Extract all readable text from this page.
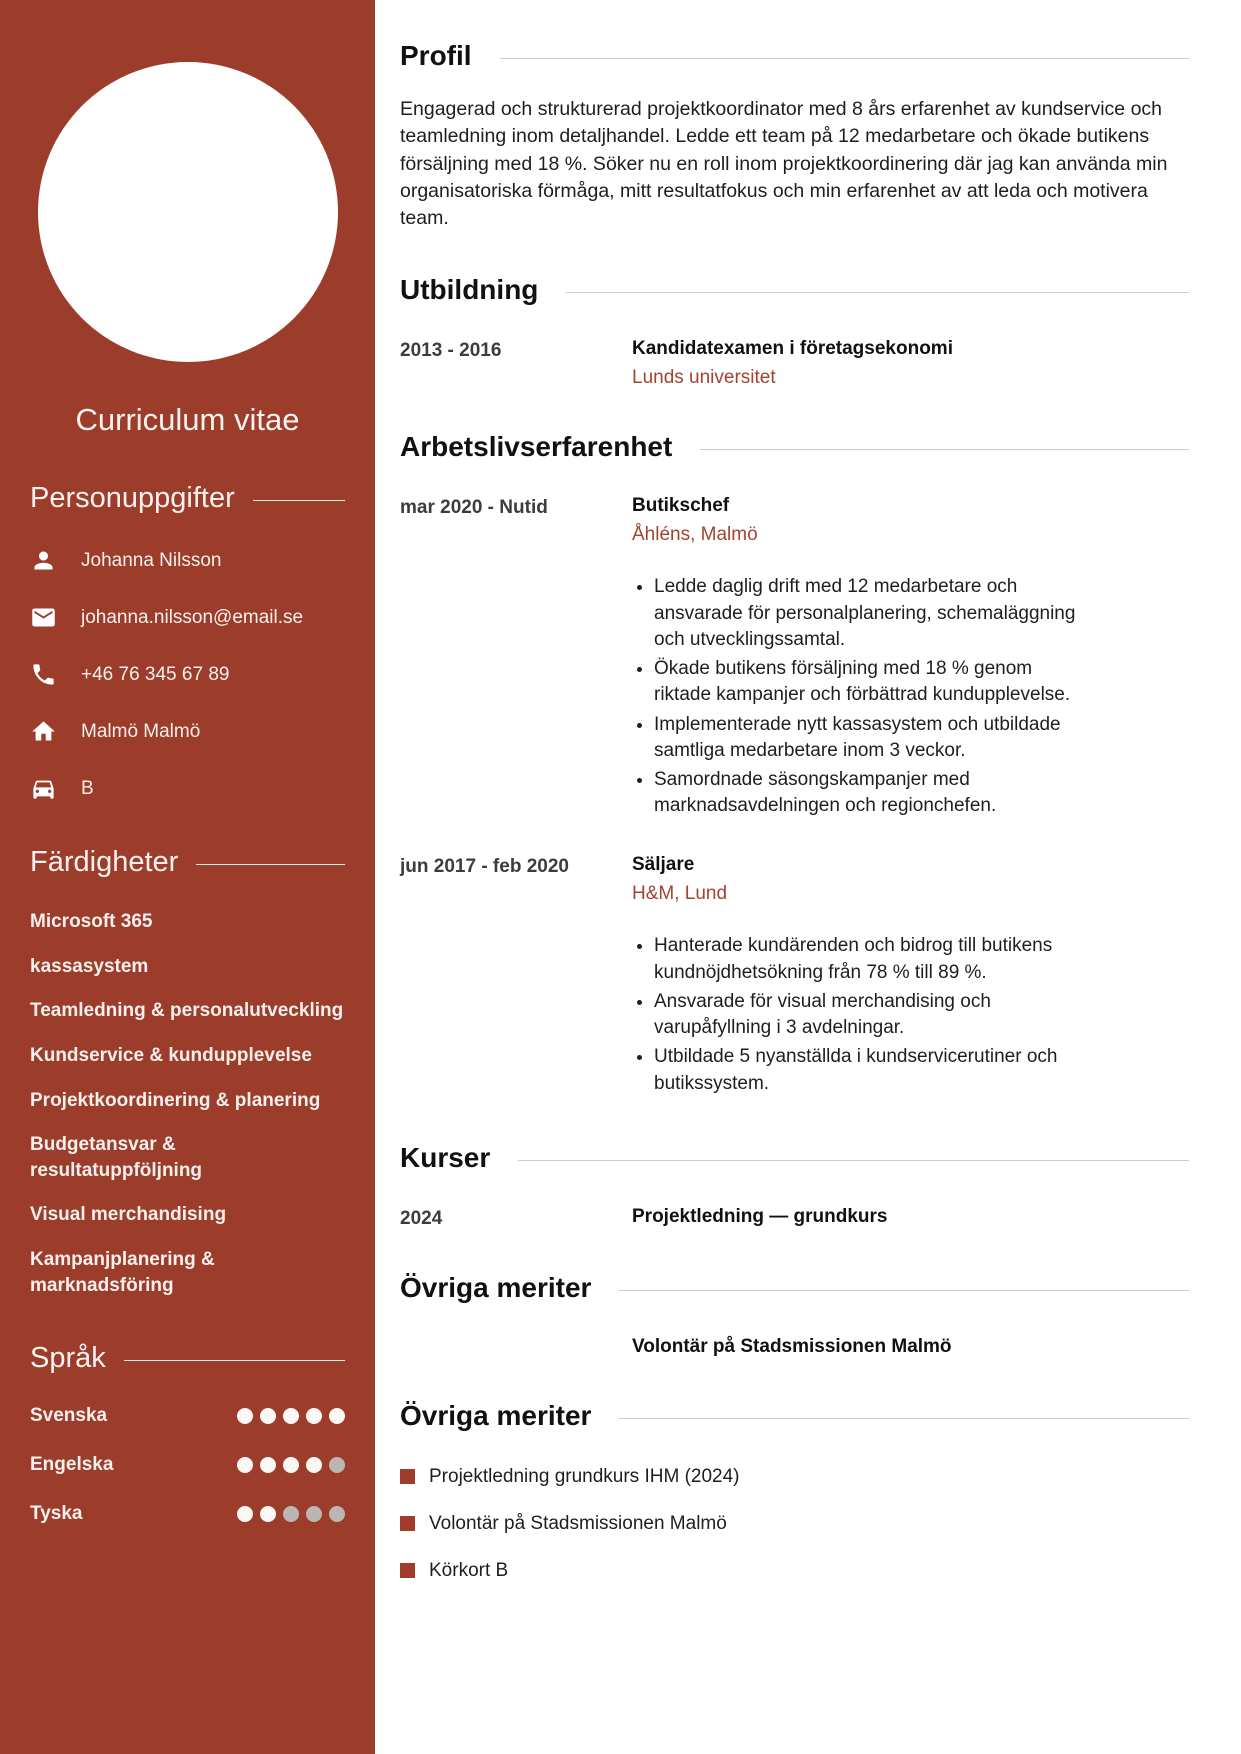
Curriculum vitae
Personuppgifter
Johanna Nilsson
johanna.nilsson@email.se
+46 76 345 67 89
Malmö Malmö
B
Färdigheter
Microsoft 365
kassasystem
Teamledning & personalutveckling
Kundservice & kundupplevelse
Projektkoordinering & planering
Budgetansvar & resultatuppföljning
Visual merchandising
Kampanjplanering & marknadsföring
Språk
Svenska
Engelska
Tyska
Profil

Engagerad och strukturerad projektkoordinator med 8 års erfarenhet av kundservice och teamledning inom detaljhandel. Ledde ett team på 12 medarbetare och ökade butikens försäljning med 18 %. Söker nu en roll inom projektkoordinering där jag kan använda min organisatoriska förmåga, mitt resultatfokus och min erfarenhet av att leda och motivera team.

Utbildning
2013 - 2016	Kandidatexamen i företagsekonomi
Lunds universitet
Arbetslivserfarenhet
mar 2020 - Nutid	Butikschef
Åhléns, Malmö
• Ledde daglig drift med 12 medarbetare och ansvarade för personalplanering, schemaläggning och utvecklingssamtal.
• Ökade butikens försäljning med 18 % genom riktade kampanjer och förbättrad kundupplevelse.
• Implementerade nytt kassasystem och utbildade samtliga medarbetare inom 3 veckor.
• Samordnade säsongskampanjer med marknadsavdelningen och regionchefen.
jun 2017 - feb 2020	Säljare
H&M, Lund
• Hanterade kundärenden och bidrog till butikens kundnöjdhetsökning från 78 % till 89 %.
• Ansvarade för visual merchandising och varupåfyllning i 3 avdelningar.
• Utbildade 5 nyanställda i kundservicerutiner och butikssystem.
Kurser
2024	Projektledning — grundkurs
Övriga meriter
Volontär på Stadsmissionen Malmö
Övriga meriter
Projektledning grundkurs IHM (2024)
Volontär på Stadsmissionen Malmö
Körkort B
